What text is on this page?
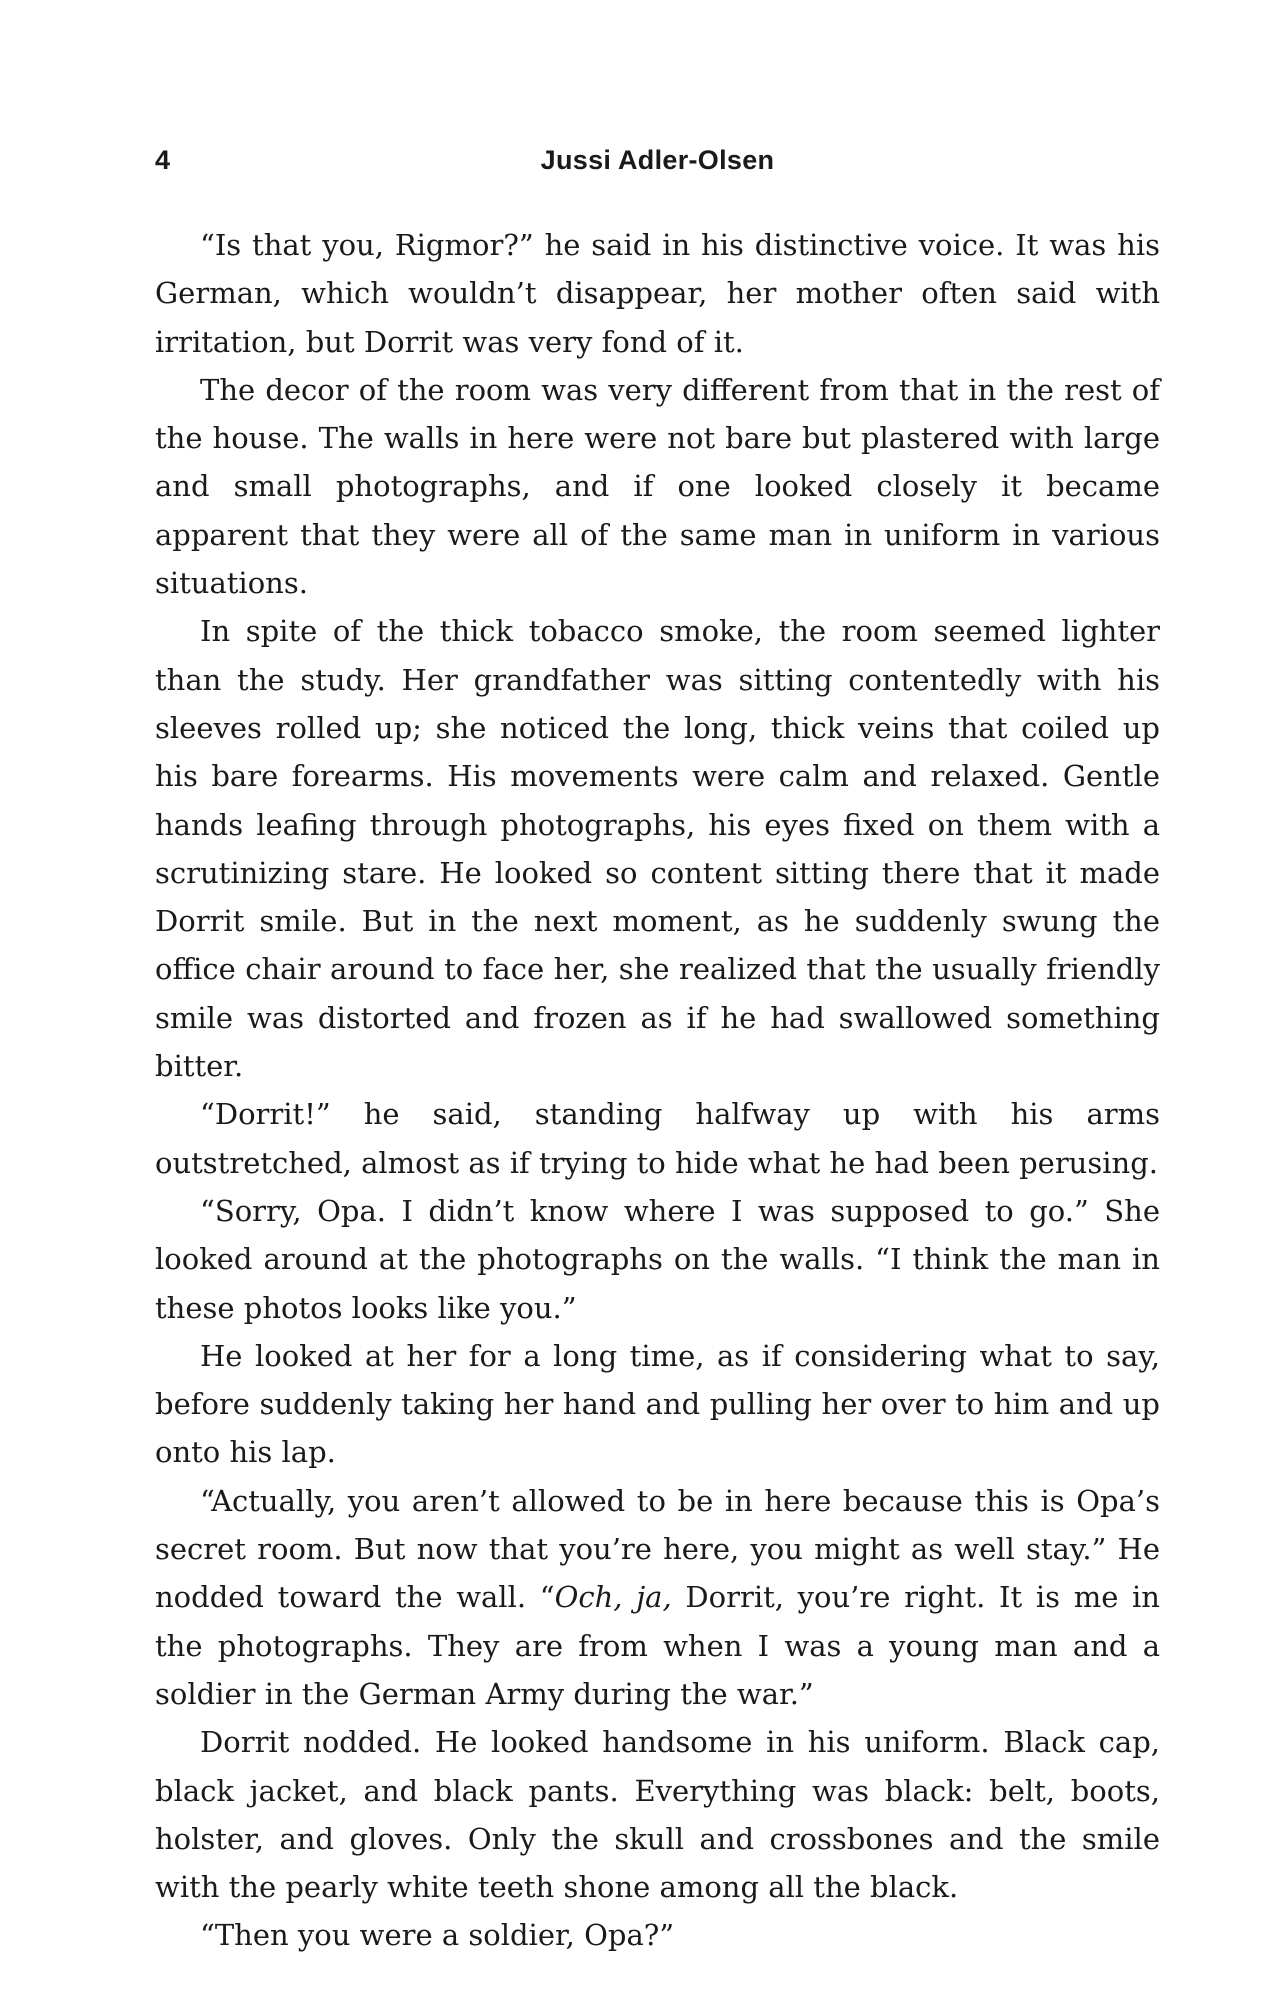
4	Jussi Adler-Olsen

“Is that you, Rigmor?” he said in his distinctive voice. It was his German, which wouldn’t disappear, her mother often said with irritation, but Dorrit was very fond of it.

The decor of the room was very different from that in the rest of the house. The walls in here were not bare but plastered with large and small photographs, and if one looked closely it became apparent that they were all of the same man in uniform in various situations.

In spite of the thick tobacco smoke, the room seemed lighter than the study. Her grandfather was sitting contentedly with his sleeves rolled up; she noticed the long, thick veins that coiled up his bare forearms. His movements were calm and relaxed. Gentle hands leafing through photographs, his eyes fixed on them with a scrutinizing stare. He looked so content sitting there that it made Dorrit smile. But in the next moment, as he suddenly swung the office chair around to face her, she realized that the usually friendly smile was distorted and frozen as if he had swallowed something bitter.

“Dorrit!” he said, standing halfway up with his arms outstretched, almost as if trying to hide what he had been perusing.

“Sorry, Opa. I didn’t know where I was supposed to go.” She looked around at the photographs on the walls. “I think the man in these photos looks like you.”

He looked at her for a long time, as if considering what to say, before suddenly taking her hand and pulling her over to him and up onto his lap.

“Actually, you aren’t allowed to be in here because this is Opa’s secret room. But now that you’re here, you might as well stay.” He nodded toward the wall. “Och, ja, Dorrit, you’re right. It is me in the photographs. They are from when I was a young man and a soldier in the German Army during the war.”

Dorrit nodded. He looked handsome in his uniform. Black cap, black jacket, and black pants. Everything was black: belt, boots, holster, and gloves. Only the skull and crossbones and the smile with the pearly white teeth shone among all the black.

“Then you were a soldier, Opa?”
